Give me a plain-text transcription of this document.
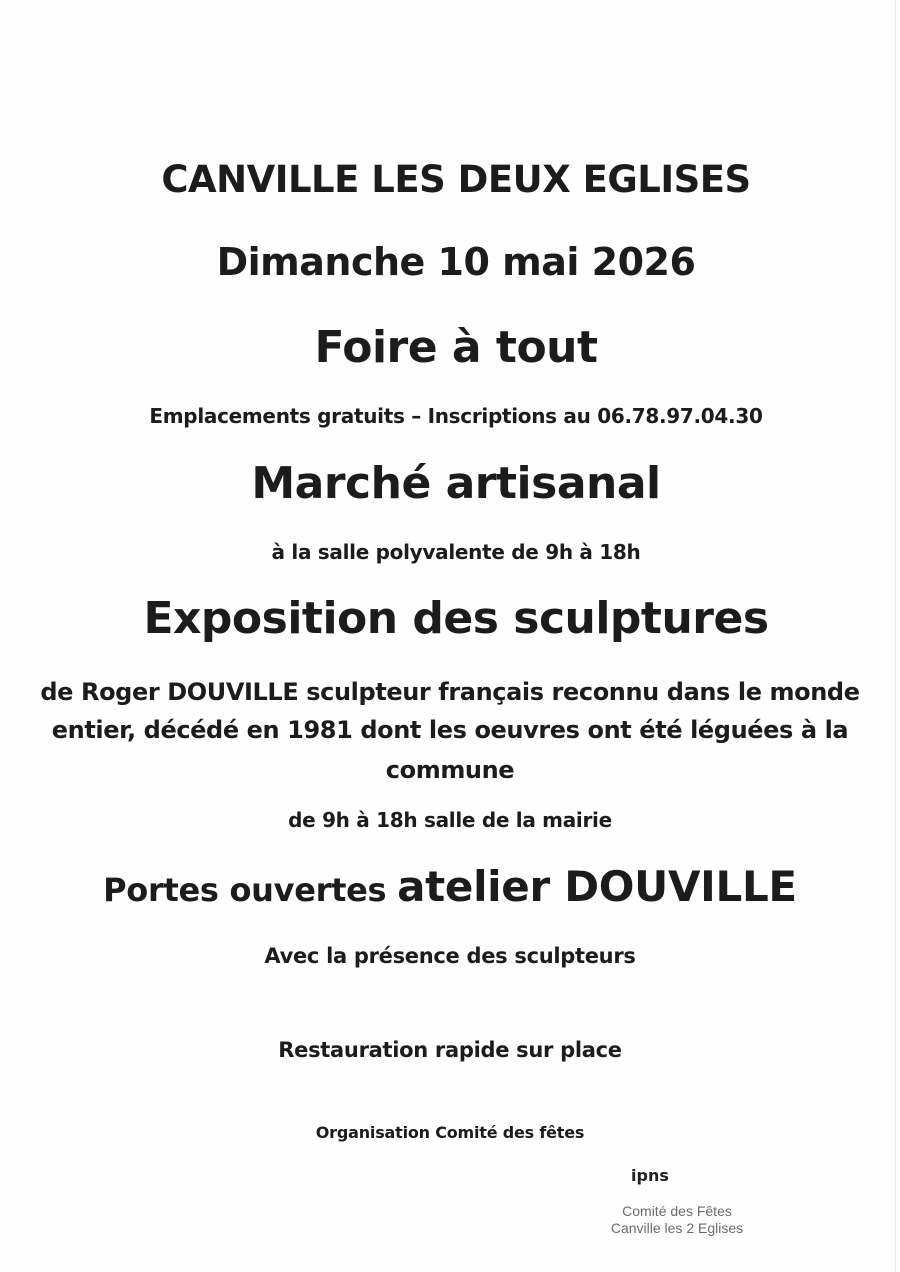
CANVILLE LES DEUX EGLISES
Dimanche 10 mai 2026
Foire à tout
Emplacements gratuits – Inscriptions au 06.78.97.04.30
Marché artisanal
à la salle polyvalente de 9h à 18h
Exposition des sculptures
de Roger DOUVILLE sculpteur français reconnu dans le monde
entier, décédé en 1981 dont les oeuvres ont été léguées à la
commune
de 9h à 18h salle de la mairie
Portes ouvertes atelier DOUVILLE
Avec la présence des sculpteurs
Restauration rapide sur place
Organisation Comité des fêtes
ipns
Comité des Fêtes
Canville les 2 Eglises
